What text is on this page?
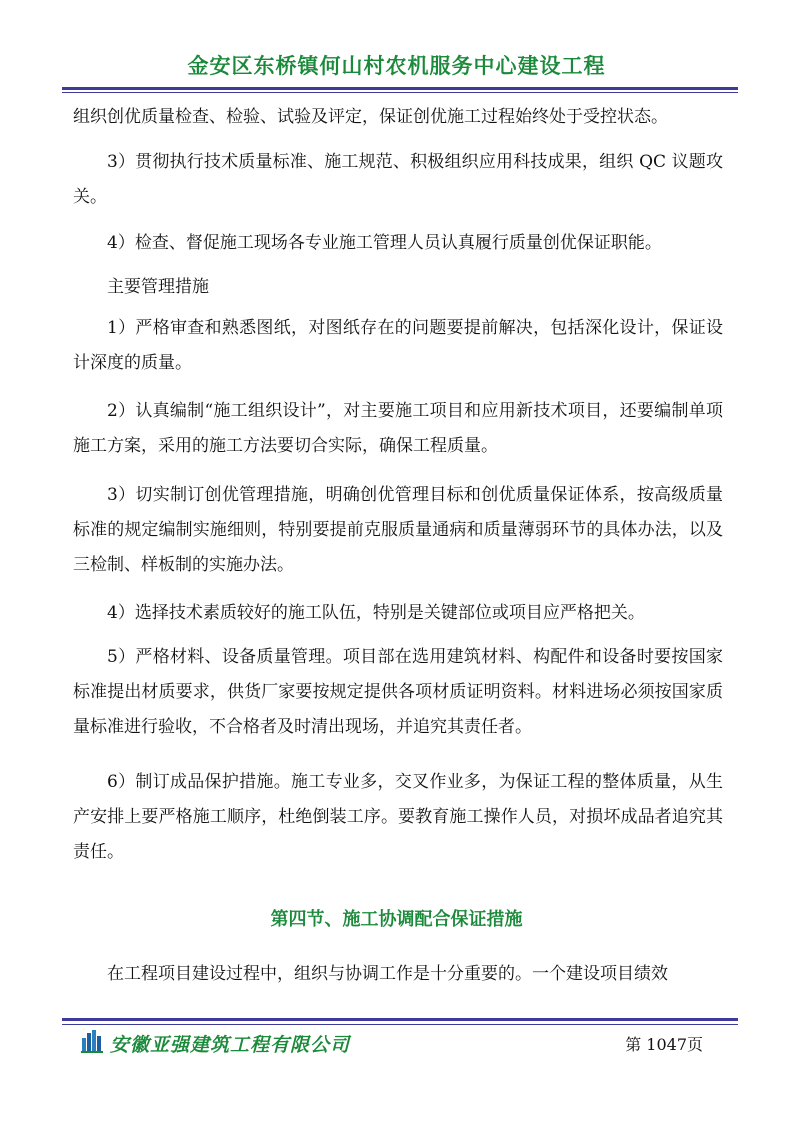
金安区东桥镇何山村农机服务中心建设工程
组织创优质量检查、检验、试验及评定，保证创优施工过程始终处于受控状态。
3）贯彻执行技术质量标准、施工规范、积极组织应用科技成果，组织 QC 议题攻关。
4）检查、督促施工现场各专业施工管理人员认真履行质量创优保证职能。
主要管理措施
1）严格审查和熟悉图纸，对图纸存在的问题要提前解决，包括深化设计，保证设计深度的质量。
2）认真编制“施工组织设计”，对主要施工项目和应用新技术项目，还要编制单项施工方案，采用的施工方法要切合实际，确保工程质量。
3）切实制订创优管理措施，明确创优管理目标和创优质量保证体系，按高级质量标准的规定编制实施细则，特别要提前克服质量通病和质量薄弱环节的具体办法，以及三检制、样板制的实施办法。
4）选择技术素质较好的施工队伍，特别是关键部位或项目应严格把关。
5）严格材料、设备质量管理。项目部在选用建筑材料、构配件和设备时要按国家标准提出材质要求，供货厂家要按规定提供各项材质证明资料。材料进场必须按国家质量标准进行验收，不合格者及时清出现场，并追究其责任者。
6）制订成品保护措施。施工专业多，交叉作业多，为保证工程的整体质量，从生产安排上要严格施工顺序，杜绝倒装工序。要教育施工操作人员，对损坏成品者追究其责任。
第四节、施工协调配合保证措施
在工程项目建设过程中，组织与协调工作是十分重要的。一个建设项目绩效
安徽亚强建筑工程有限公司	第 1047页
